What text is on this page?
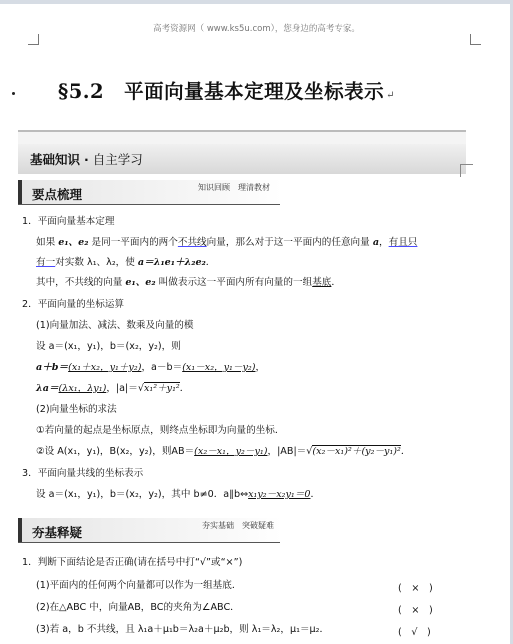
高考资源网（ www.ks5u.com），您身边的高考专家。
§5.2　平面向量基本定理及坐标表示 ↵
基础知识 · 自主学习
要点梳理	知识回顾　理清教材
1．平面向量基本定理
如果 e₁、e₂ 是同一平面内的两个不共线向量，那么对于这一平面内的任意向量 a，有且只
有一对实数 λ₁、λ₂，使 a＝λ₁e₁＋λ₂e₂．
其中，不共线的向量 e₁、e₂ 叫做表示这一平面内所有向量的一组基底．
2．平面向量的坐标运算
(1)向量加法、减法、数乘及向量的模
设 a＝(x₁，y₁)，b＝(x₂，y₂)，则
a＋b＝(x₁＋x₂，y₁＋y₂)，a－b＝(x₁－x₂，y₁－y₂)，
λa＝(λx₁，λy₁)，|a|＝√x₁²＋y₁²．
(2)向量坐标的求法
①若向量的起点是坐标原点，则终点坐标即为向量的坐标．
②设 A(x₁，y₁)，B(x₂，y₂)，则AB＝(x₂－x₁，y₂－y₁)，|AB|＝√(x₂－x₁)²＋(y₂－y₁)²．
3．平面向量共线的坐标表示
设 a＝(x₁，y₁)，b＝(x₂，y₂)，其中 b≠0．a∥b⇔x₁y₂－x₂y₁＝0．
夯基释疑	夯实基础　突破疑难
1．判断下面结论是否正确(请在括号中打“√”或“×”)
(1)平面内的任何两个向量都可以作为一组基底．	(　×　)
(2)在△ABC 中，向量AB，BC的夹角为∠ABC．	(　×　)
(3)若 a，b 不共线，且 λ₁a＋μ₁b＝λ₂a＋μ₂b，则 λ₁＝λ₂，μ₁＝μ₂．	(　√　)
